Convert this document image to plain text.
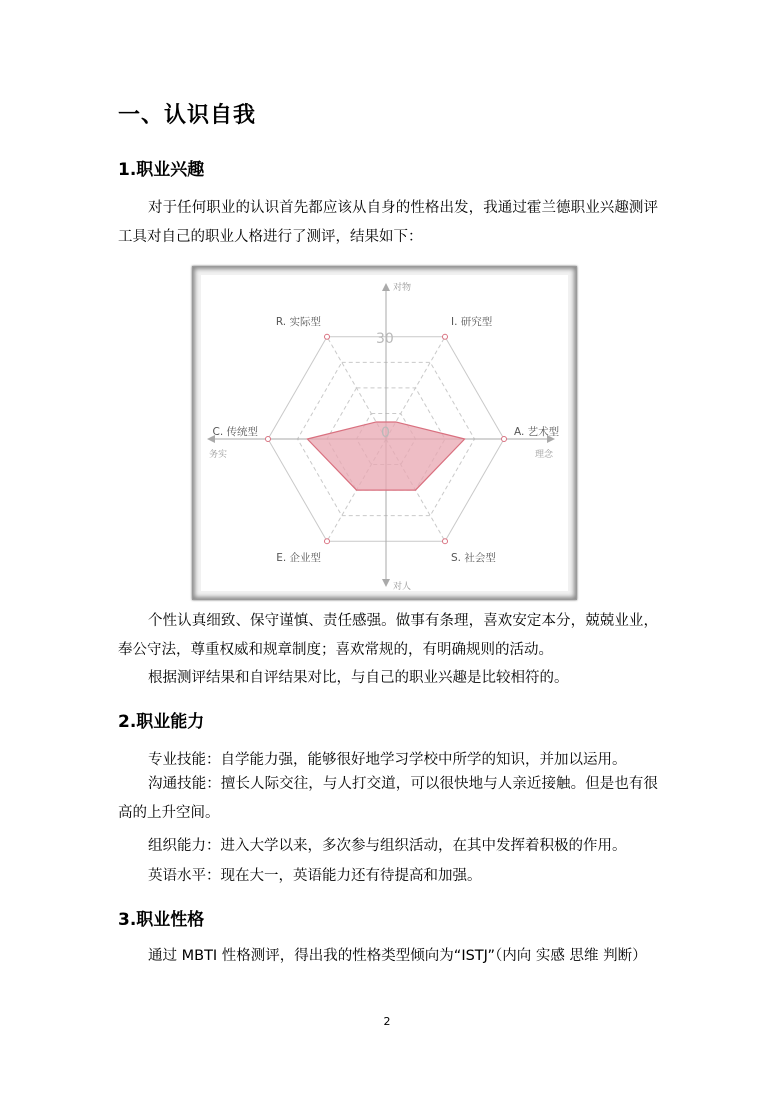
一、认识自我
1.职业兴趣
对于任何职业的认识首先都应该从自身的性格出发，我通过霍兰德职业兴趣测评工具对自己的职业人格进行了测评，结果如下：
对物
对人
务实	理念
30
0
R. 实际型	I. 研究型
A. 艺术型
S. 社会型
E. 企业型
C. 传统型
个性认真细致、保守谨慎、责任感强。做事有条理，喜欢安定本分，兢兢业业，奉公守法，尊重权威和规章制度；喜欢常规的，有明确规则的活动。
根据测评结果和自评结果对比，与自己的职业兴趣是比较相符的。
2.职业能力
专业技能：自学能力强，能够很好地学习学校中所学的知识，并加以运用。
沟通技能：擅长人际交往，与人打交道，可以很快地与人亲近接触。但是也有很高的上升空间。
组织能力：进入大学以来，多次参与组织活动，在其中发挥着积极的作用。
英语水平：现在大一，英语能力还有待提高和加强。
3.职业性格
通过 MBTI 性格测评，得出我的性格类型倾向为“ISTJ”（内向 实感 思维 判断）
2
